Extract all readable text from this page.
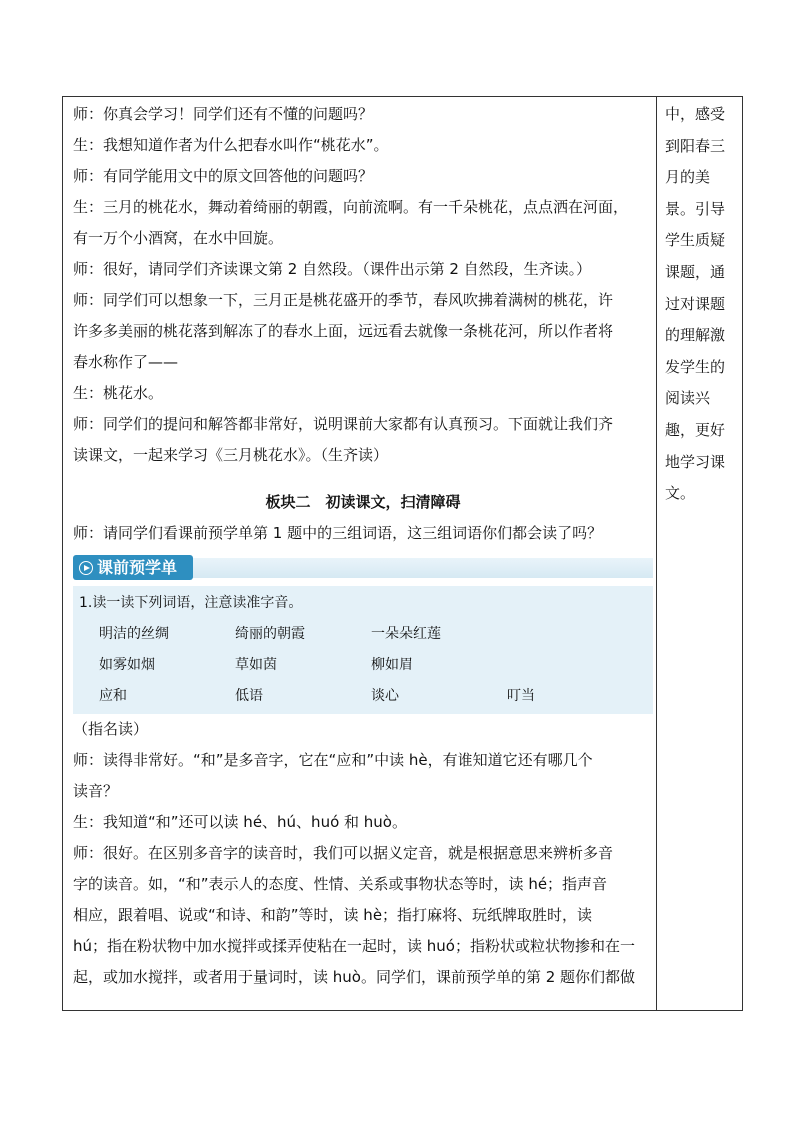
师：你真会学习！同学们还有不懂的问题吗？
生：我想知道作者为什么把春水叫作“桃花水”。
师：有同学能用文中的原文回答他的问题吗？
生：三月的桃花水，舞动着绮丽的朝霞，向前流啊。有一千朵桃花，点点洒在河面，
有一万个小酒窝，在水中回旋。
师：很好，请同学们齐读课文第 2 自然段。（课件出示第 2 自然段，生齐读。）
师：同学们可以想象一下，三月正是桃花盛开的季节，春风吹拂着满树的桃花，许
许多多美丽的桃花落到解冻了的春水上面，远远看去就像一条桃花河，所以作者将
春水称作了——
生：桃花水。
师：同学们的提问和解答都非常好，说明课前大家都有认真预习。下面就让我们齐
读课文，一起来学习《三月桃花水》。（生齐读）
板块二　初读课文，扫清障碍
师：请同学们看课前预学单第 1 题中的三组词语，这三组词语你们都会读了吗？
课前预学单
1.读一读下列词语，注意读准字音。
明洁的丝绸	绮丽的朝霞	一朵朵红莲
如雾如烟	草如茵	柳如眉
应和	低语	谈心	叮当
（指名读）
师：读得非常好。“和”是多音字，它在“应和”中读 hè，有谁知道它还有哪几个
读音？
生：我知道“和”还可以读 hé、hú、huó 和 huò。
师：很好。在区别多音字的读音时，我们可以据义定音，就是根据意思来辨析多音
字的读音。如，“和”表示人的态度、性情、关系或事物状态等时，读 hé；指声音
相应，跟着唱、说或“和诗、和韵”等时，读 hè；指打麻将、玩纸牌取胜时，读
hú；指在粉状物中加水搅拌或揉弄使粘在一起时，读 huó；指粉状或粒状物掺和在一
起，或加水搅拌，或者用于量词时，读 huò。同学们，课前预学单的第 2 题你们都做
中，感受
到阳春三
月的美
景。引导
学生质疑
课题，通
过对课题
的理解激
发学生的
阅读兴
趣，更好
地学习课
文。
